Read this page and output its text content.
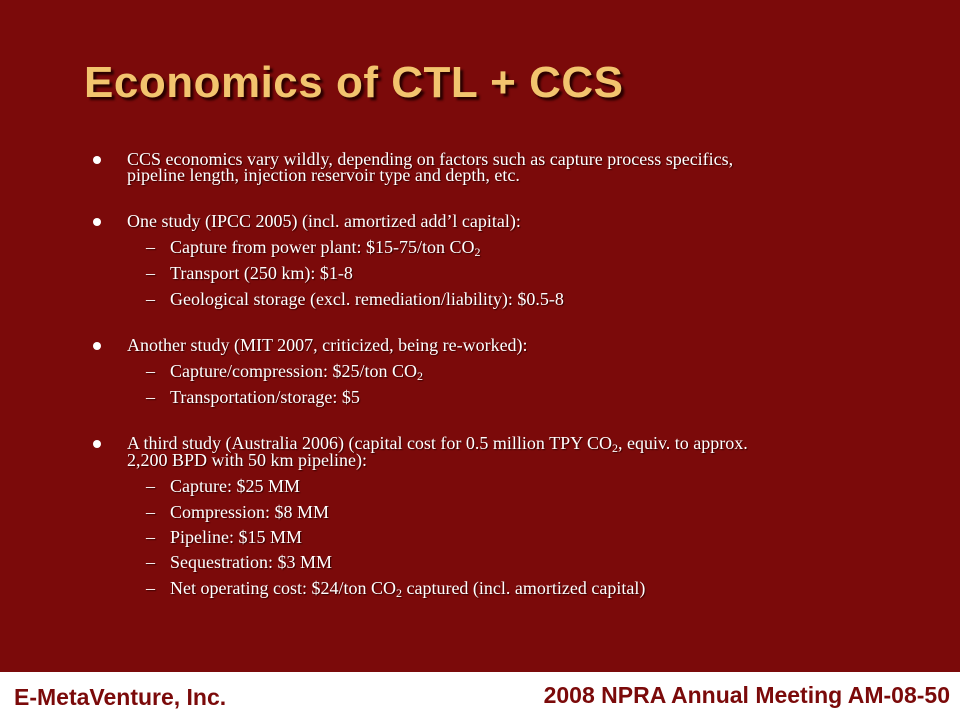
Economics of CTL + CCS
CCS economics vary wildly, depending on factors such as capture process specifics,
pipeline length, injection reservoir type and depth, etc.
One study (IPCC 2005) (incl. amortized add’l capital):
– Capture from power plant: $15-75/ton $CO_2$
– Transport (250 km): $1-8
– Geological storage (excl. remediation/liability): $0.5-8
Another study (MIT 2007, criticized, being re-worked):
– Capture/compression: $25/ton $CO_2$
– Transportation/storage: $5
A third study (Australia 2006) (capital cost for 0.5 million TPY $CO_2$, equiv. to approx.
2,200 BPD with 50 km pipeline):
– Capture: $25 MM
– Compression: $8 MM
– Pipeline: $15 MM
– Sequestration: $3 MM
– Net operating cost: $24/ton $CO_2$ captured (incl. amortized capital)
E-MetaVenture, Inc.	2008 NPRA Annual Meeting AM-08-50
